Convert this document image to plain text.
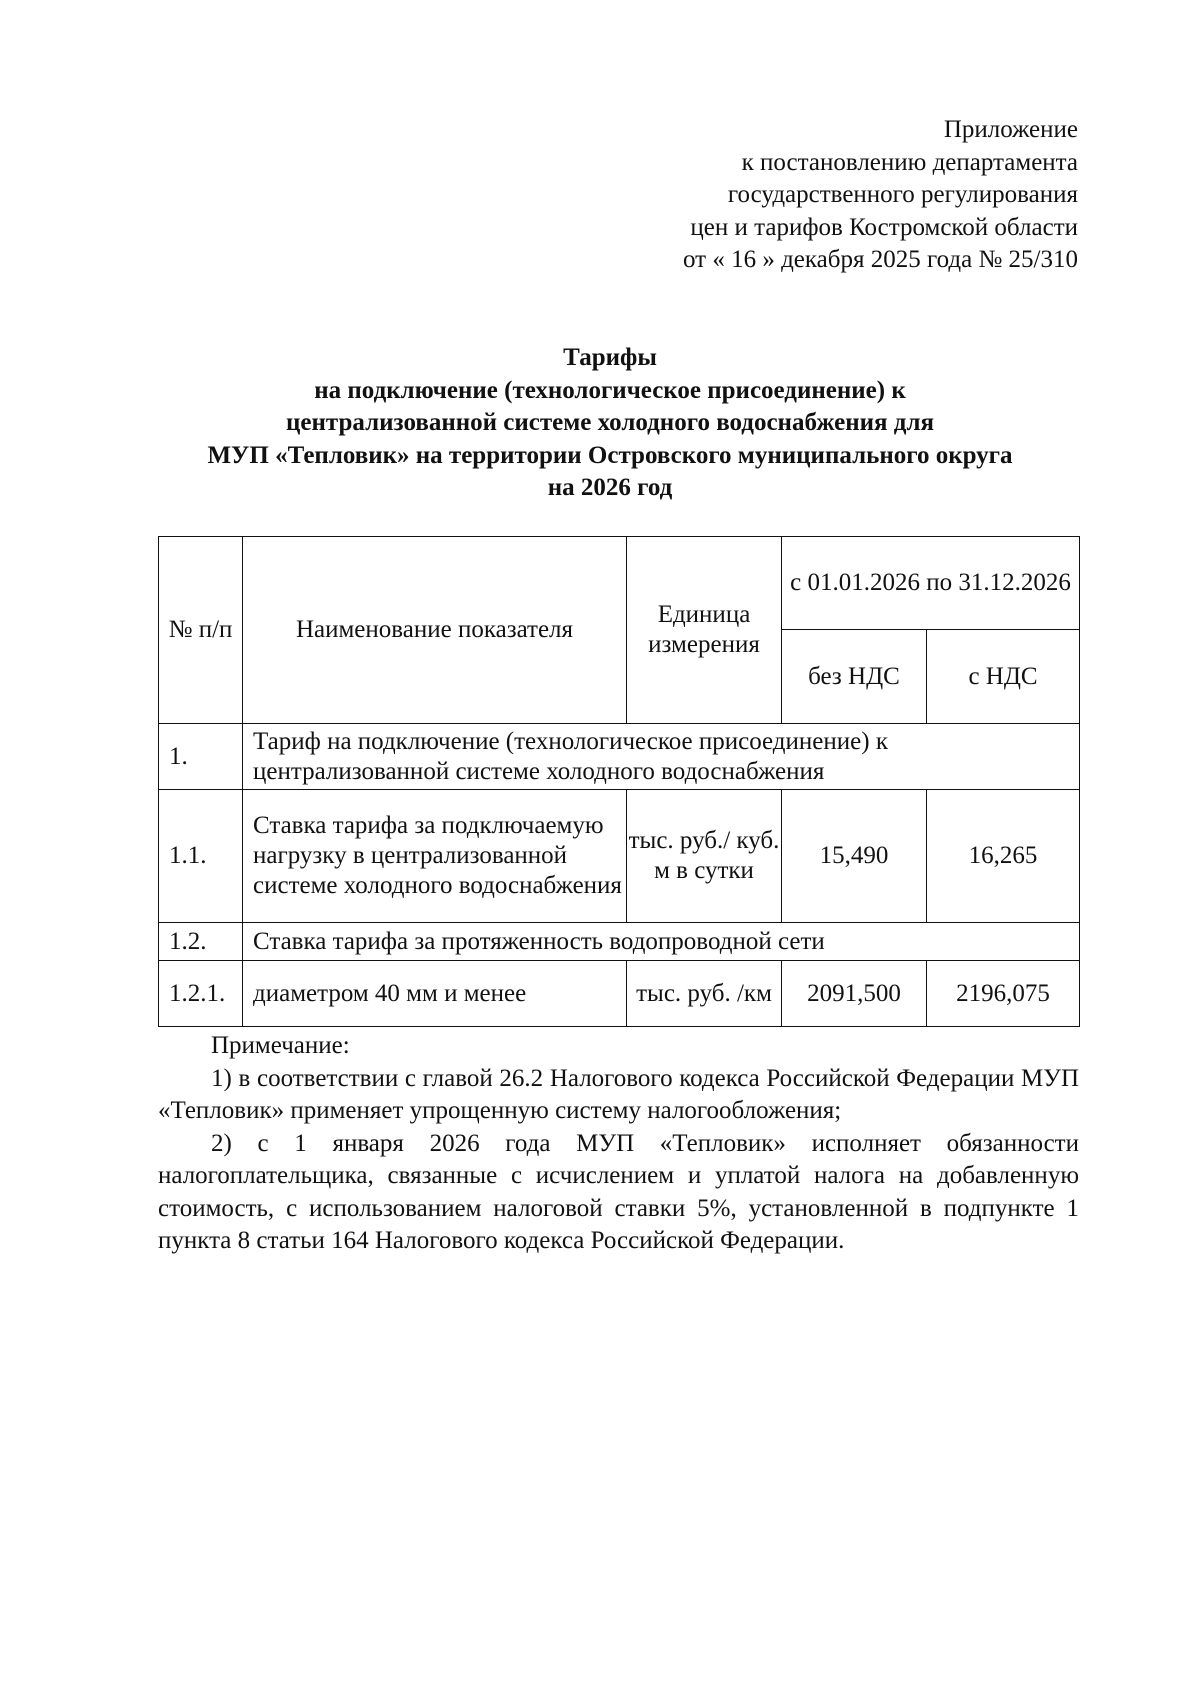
Приложение
к постановлению департамента
государственного регулирования
цен и тарифов Костромской области
от « 16 » декабря 2025 года № 25/310
Тарифы
на подключение (технологическое присоединение) к
централизованной системе холодного водоснабжения для
МУП «Тепловик» на территории Островского муниципального округа
на 2026 год
№ п/п	Наименование показателя	Единица измерения	с 01.01.2026 по 31.12.2026	
			без НДС	с НДС
1.	Тариф на подключение (технологическое присоединение) к централизованной системе холодного водоснабжения			
1.1.	Ставка тарифа за подключаемую нагрузку в централизованной системе холодного водоснабжения	тыс. руб./ куб. м в сутки	15,490	16,265
1.2.	Ставка тарифа за протяженность водопроводной сети			
1.2.1.	диаметром 40 мм и менее	тыс. руб. /км	2091,500	2196,075
Примечание:

1) в соответствии с главой 26.2 Налогового кодекса Российской Федерации МУП «Тепловик» применяет упрощенную систему налогообложения;

2) с 1 января 2026 года МУП «Тепловик» исполняет обязанности налогоплательщика, связанные с исчислением и уплатой налога на добавленную стоимость, с использованием налоговой ставки 5%, установленной в подпункте 1 пункта 8 статьи 164 Налогового кодекса Российской Федерации.
